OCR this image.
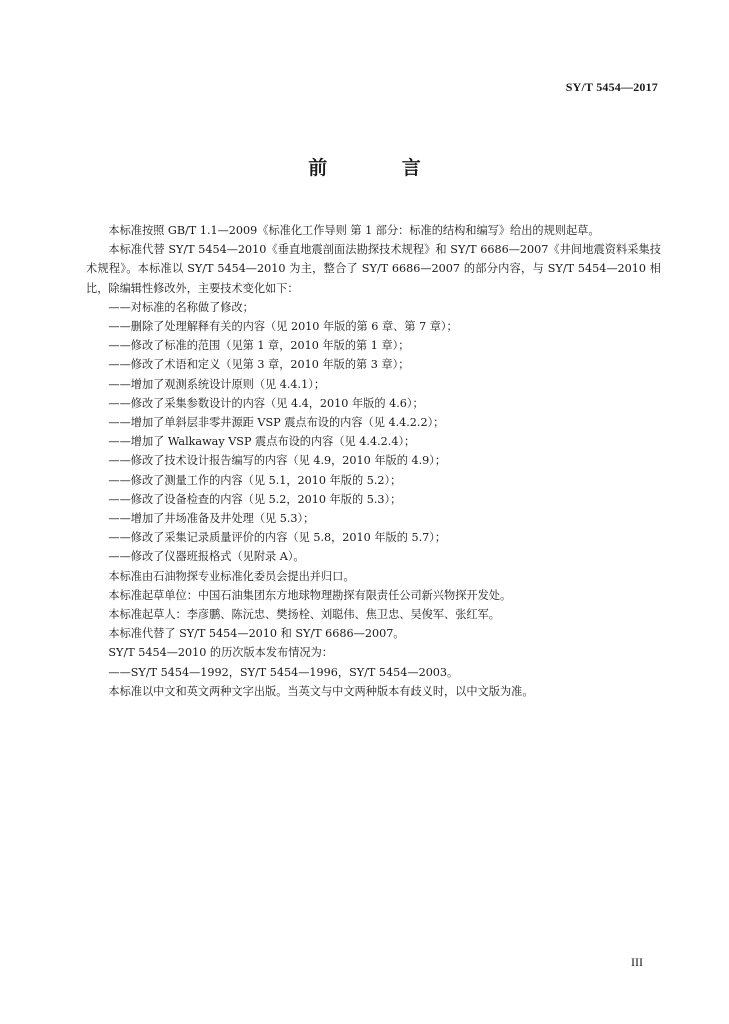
SY/T 5454—2017
前 言

本标准按照 GB/T 1.1—2009《标准化工作导则 第 1 部分：标准的结构和编写》给出的规则起草。

本标准代替 SY/T 5454—2010《垂直地震剖面法勘探技术规程》和 SY/T 6686—2007《井间地震资料采集技术规程》。本标准以 SY/T 5454—2010 为主，整合了 SY/T 6686—2007 的部分内容，与 SY/T 5454—2010 相比，除编辑性修改外，主要技术变化如下：

——对标准的名称做了修改；

——删除了处理解释有关的内容（见 2010 年版的第 6 章、第 7 章）；

——修改了标准的范围（见第 1 章，2010 年版的第 1 章）；

——修改了术语和定义（见第 3 章，2010 年版的第 3 章）；

——增加了观测系统设计原则（见 4.4.1）；

——修改了采集参数设计的内容（见 4.4，2010 年版的 4.6）；

——增加了单斜层非零井源距 VSP 震点布设的内容（见 4.4.2.2）；

——增加了 Walkaway VSP 震点布设的内容（见 4.4.2.4）；

——修改了技术设计报告编写的内容（见 4.9，2010 年版的 4.9）；

——修改了测量工作的内容（见 5.1，2010 年版的 5.2）；

——修改了设备检查的内容（见 5.2，2010 年版的 5.3）；

——增加了井场准备及井处理（见 5.3）；

——修改了采集记录质量评价的内容（见 5.8，2010 年版的 5.7）；

——修改了仪器班报格式（见附录 A）。

本标准由石油物探专业标准化委员会提出并归口。

本标准起草单位：中国石油集团东方地球物理勘探有限责任公司新兴物探开发处。

本标准起草人：李彦鹏、陈沅忠、樊扬栓、刘聪伟、焦卫忠、吴俊军、张红军。

本标准代替了 SY/T 5454—2010 和 SY/T 6686—2007。

SY/T 5454—2010 的历次版本发布情况为：

——SY/T 5454—1992，SY/T 5454—1996，SY/T 5454—2003。

本标准以中文和英文两种文字出版。当英文与中文两种版本有歧义时，以中文版为准。

III
